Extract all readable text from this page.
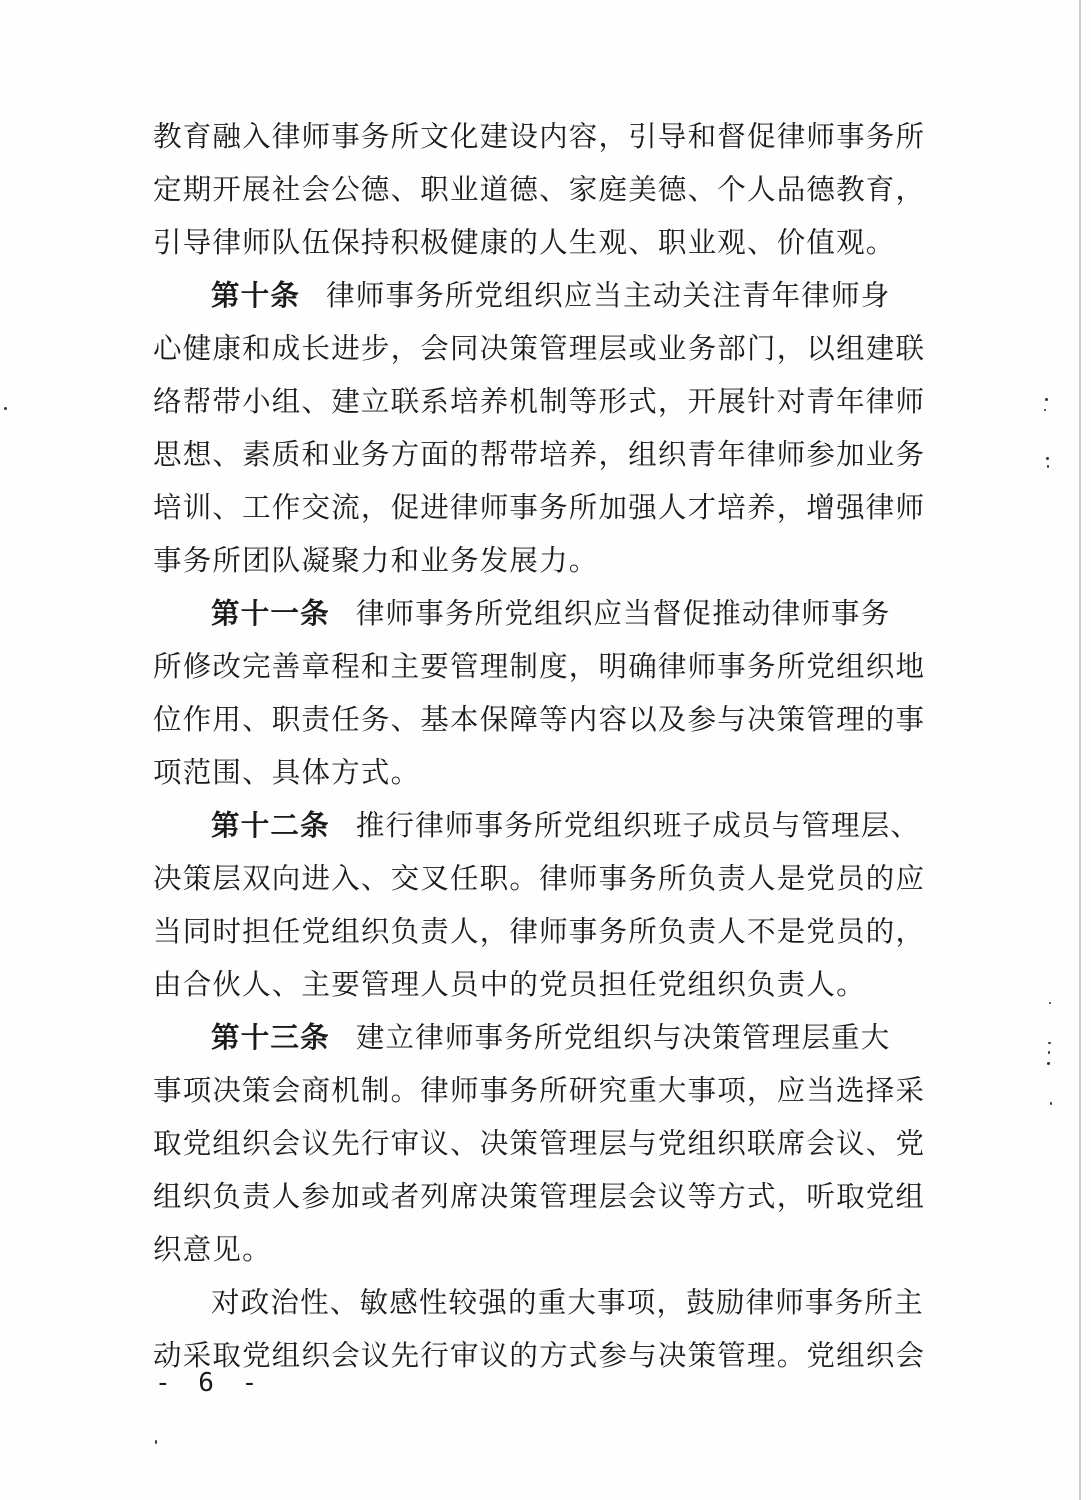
教育融入律师事务所文化建设内容，引导和督促律师事务所
定期开展社会公德、职业道德、家庭美德、个人品德教育，
引导律师队伍保持积极健康的人生观、职业观、价值观。
第十条 律师事务所党组织应当主动关注青年律师身
心健康和成长进步，会同决策管理层或业务部门，以组建联
络帮带小组、建立联系培养机制等形式，开展针对青年律师
思想、素质和业务方面的帮带培养，组织青年律师参加业务
培训、工作交流，促进律师事务所加强人才培养，增强律师
事务所团队凝聚力和业务发展力。
第十一条 律师事务所党组织应当督促推动律师事务
所修改完善章程和主要管理制度，明确律师事务所党组织地
位作用、职责任务、基本保障等内容以及参与决策管理的事
项范围、具体方式。
第十二条 推行律师事务所党组织班子成员与管理层、
决策层双向进入、交叉任职。律师事务所负责人是党员的应
当同时担任党组织负责人，律师事务所负责人不是党员的，
由合伙人、主要管理人员中的党员担任党组织负责人。
第十三条 建立律师事务所党组织与决策管理层重大
事项决策会商机制。律师事务所研究重大事项，应当选择采
取党组织会议先行审议、决策管理层与党组织联席会议、党
组织负责人参加或者列席决策管理层会议等方式，听取党组
织意见。
对政治性、敏感性较强的重大事项，鼓励律师事务所主
动采取党组织会议先行审议的方式参与决策管理。党组织会
- 6 -
